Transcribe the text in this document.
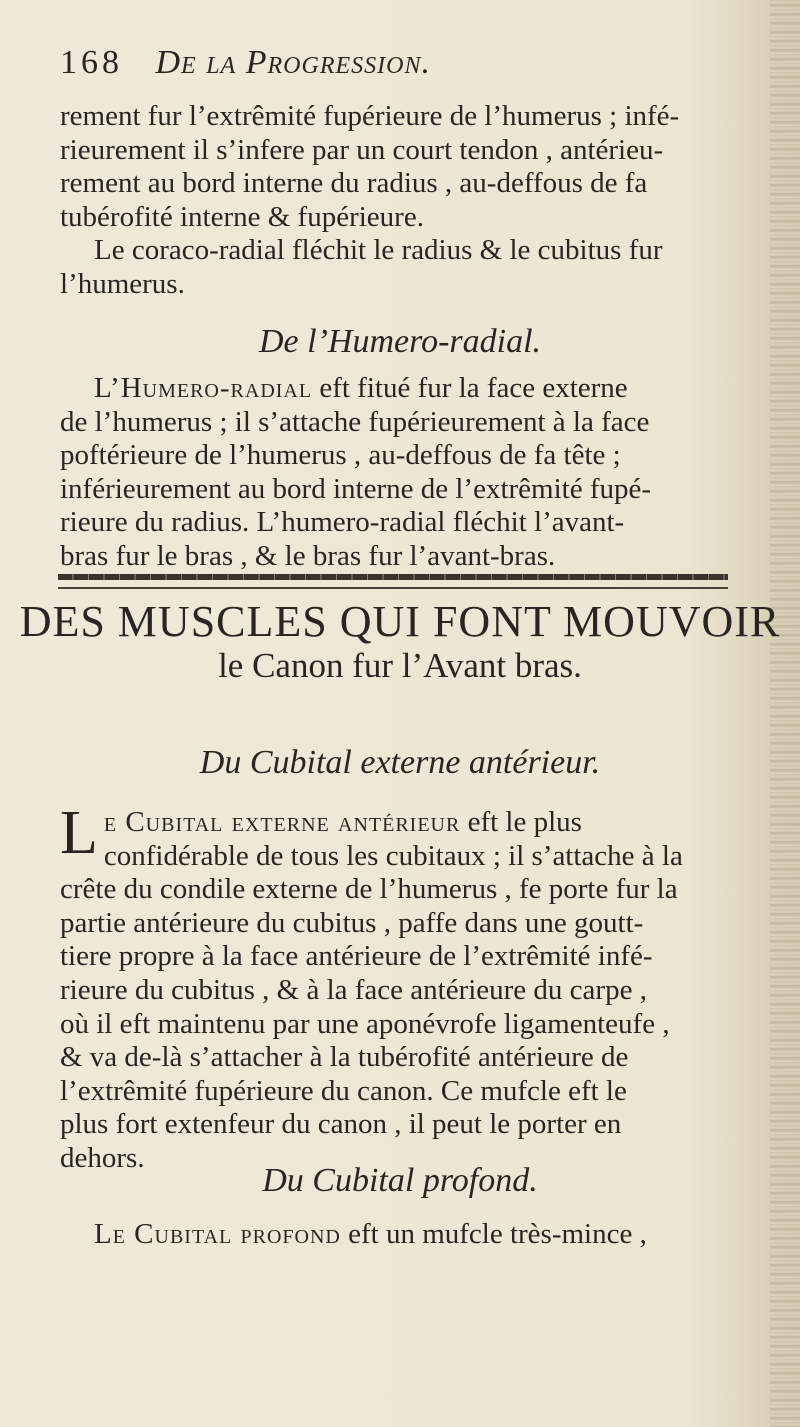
168 De la Progression.
rement fur l’extrêmité fupérieure de l’humerus ; infé-
rieurement il s’infere par un court tendon , antérieu-
rement au bord interne du radius , au-deffous de fa
tubérofité interne & fupérieure.
Le coraco-radial fléchit le radius & le cubitus fur
l’humerus.
De l’Humero-radial.
L’Humero-radial eft fitué fur la face externe
de l’humerus ; il s’attache fupérieurement à la face
poftérieure de l’humerus , au-deffous de fa tête ;
inférieurement au bord interne de l’extrêmité fupé-
rieure du radius. L’humero-radial fléchit l’avant-
bras fur le bras , & le bras fur l’avant-bras.
DES MUSCLES QUI FONT MOUVOIR
le Canon fur l’Avant bras.
Du Cubital externe antérieur.
Le Cubital externe antérieur eft le plus
confidérable de tous les cubitaux ; il s’attache à la
crête du condile externe de l’humerus , fe porte fur la
partie antérieure du cubitus , paffe dans une goutt-
tiere propre à la face antérieure de l’extrêmité infé-
rieure du cubitus , & à la face antérieure du carpe ,
où il eft maintenu par une aponévrofe ligamenteufe ,
& va de-là s’attacher à la tubérofité antérieure de
l’extrêmité fupérieure du canon. Ce mufcle eft le
plus fort extenfeur du canon , il peut le porter en
dehors.
Du Cubital profond.
Le Cubital profond eft un mufcle très-mince ,
